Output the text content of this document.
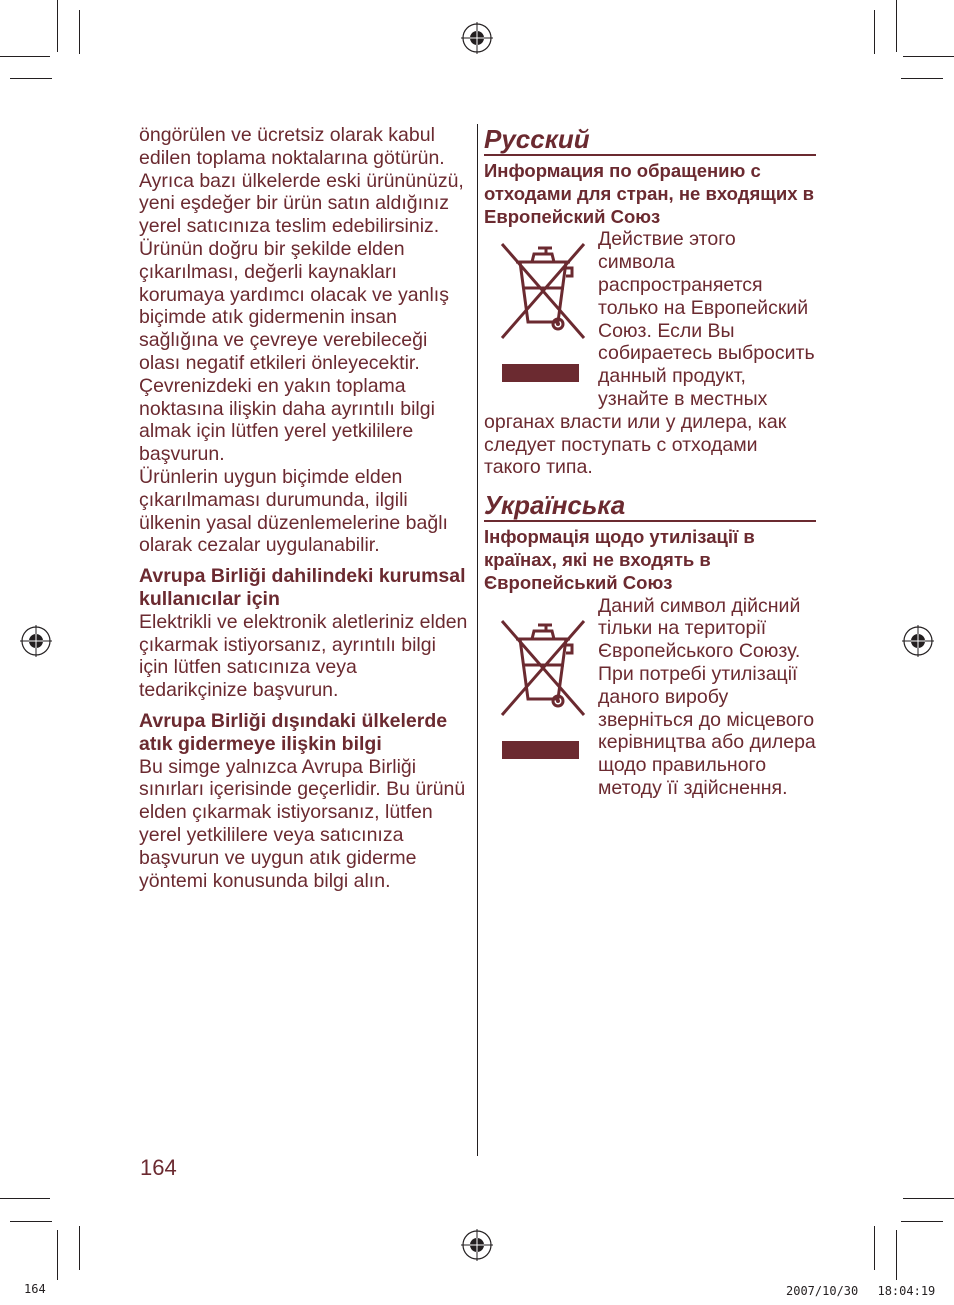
öngörülen ve ücretsiz olarak kabul edilen toplama noktalarına götürün. Ayrıca bazı ülkelerde eski ürününüzü, yeni eşdeğer bir ürün satın aldığınız yerel satıcınıza teslim edebilirsiniz. Ürünün doğru bir şekilde elden çıkarılması, değerli kaynakları korumaya yardımcı olacak ve yanlış biçimde atık gidermenin insan sağlığına ve çevreye verebileceği olası negatif etkileri önleyecektir. Çevrenizdeki en yakın toplama noktasına ilişkin daha ayrıntılı bilgi almak için lütfen yerel yetkililere başvurun.

Ürünlerin uygun biçimde elden çıkarılmaması durumunda, ilgili ülkenin yasal düzenlemelerine bağlı olarak cezalar uygulanabilir.

Avrupa Birliği dahilindeki kurumsal kullanıcılar için

Elektrikli ve elektronik aletleriniz elden çıkarmak istiyorsanız, ayrıntılı bilgi için lütfen satıcınıza veya tedarikçinize başvurun.

Avrupa Birliği dışındaki ülkelerde atık gidermeye ilişkin bilgi

Bu simge yalnızca Avrupa Birliği sınırları içerisinde geçerlidir. Bu ürünü elden çıkarmak istiyorsanız, lütfen yerel yetkililere veya satıcınıza başvurun ve uygun atık giderme yöntemi konusunda bilgi alın.

Русский
Информация по обращению с отходами для стран, не входящих в Европейский Союз
Действие этого символа распространяется только на Европейский Союз. Если Вы собираетесь выбросить данный продукт, узнайте в местных
органах власти или у дилера, как следует поступать с отходами такого типа.
Українська
Інформація щодо утилізації в країнах, які не входять в Європейський Союз
Даний символ дійсний тільки на території Європейського Союзу. При потребі утилізації даного виробу зверніться до місцевого керівництва або дилера щодо правильного методу її здійснення.
164
164	2007/10/30　 18:04:19
